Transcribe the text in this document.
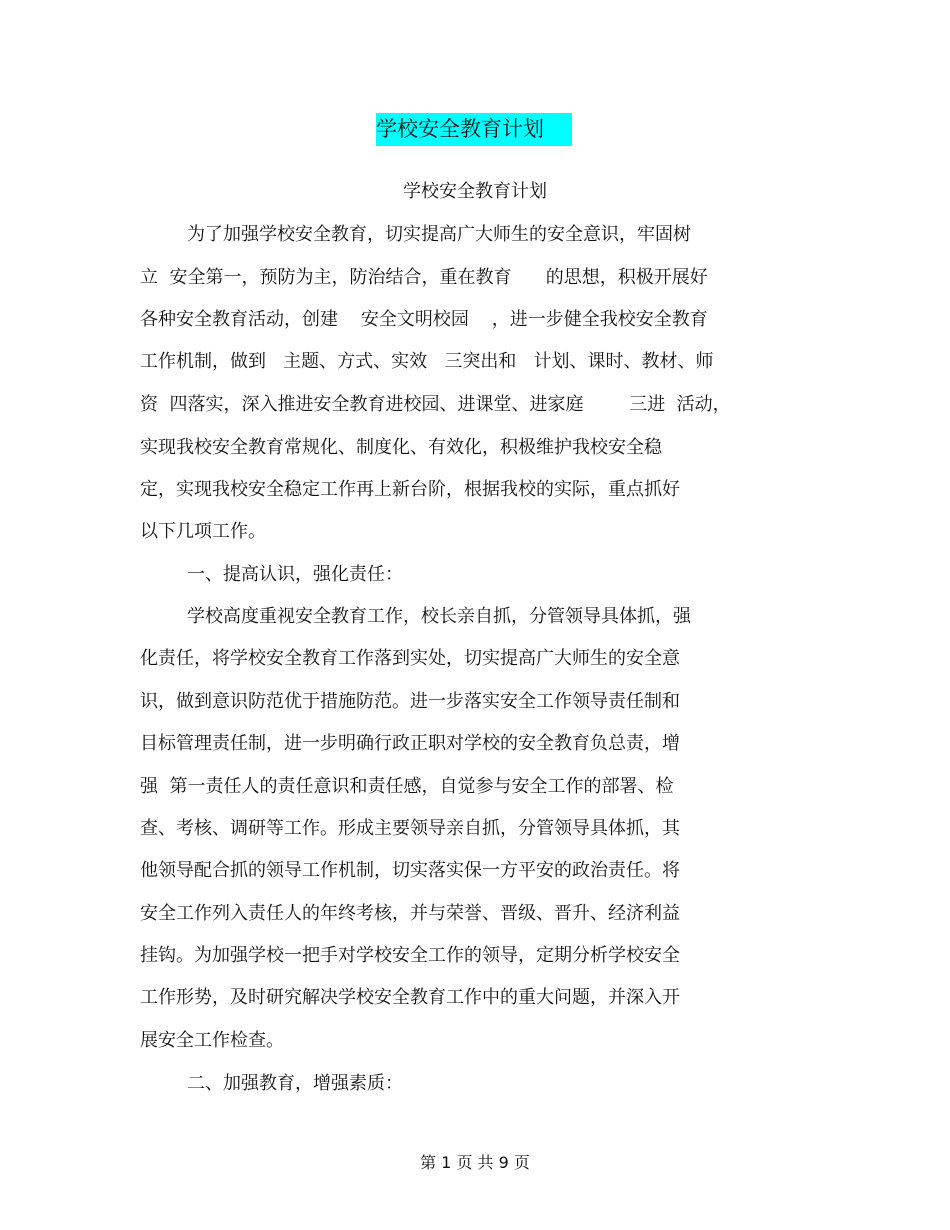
学校安全教育计划
学校安全教育计划
为了加强学校安全教育，切实提高广大师生的安全意识，牢固树
立  安全第一，预防为主，防治结合，重在教育      的思想，积极开展好
各种安全教育活动，创建    安全文明校园    ，进一步健全我校安全教育
工作机制，做到   主题、方式、实效   三突出和   计划、课时、教材、师
资  四落实，深入推进安全教育进校园、进课堂、进家庭        三进  活动，
实现我校安全教育常规化、制度化、有效化，积极维护我校安全稳
定，实现我校安全稳定工作再上新台阶，根据我校的实际，重点抓好
以下几项工作。
一、提高认识，强化责任：
学校高度重视安全教育工作，校长亲自抓，分管领导具体抓，强
化责任，将学校安全教育工作落到实处，切实提高广大师生的安全意
识，做到意识防范优于措施防范。进一步落实安全工作领导责任制和
目标管理责任制，进一步明确行政正职对学校的安全教育负总责，增
强  第一责任人的责任意识和责任感，自觉参与安全工作的部署、检
查、考核、调研等工作。形成主要领导亲自抓，分管领导具体抓，其
他领导配合抓的领导工作机制，切实落实保一方平安的政治责任。将
安全工作列入责任人的年终考核，并与荣誉、晋级、晋升、经济利益
挂钩。为加强学校一把手对学校安全工作的领导，定期分析学校安全
工作形势，及时研究解决学校安全教育工作中的重大问题，并深入开
展安全工作检查。
二、加强教育，增强素质：
第 1 页 共 9 页
